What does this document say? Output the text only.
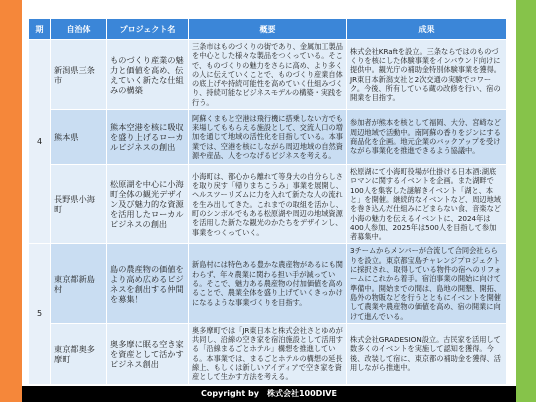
期	自治体	プロジェクト名	概要	成果
4	新潟県三条市	ものづくり産業の魅力と価値を高め、伝えていく新たな仕組みの構築	三条市はものづくりの街であり、金属加工製品を中心とした様々な製品をつくっている。そこで、ものづくりの魅力をさらに高め、より多くの人に伝えていくことで、ものづくり産業自体の底上げや持続可能性を高めていく仕組みづくり、持続可能なビジネスモデルの構築・実践を行う。	株式会社KRaftを設立。三条ならではのものづくりを核にした体験事業をインバウンド向けに提供中。観光庁の補助金特別体験事業を獲得。JR東日本新潟支社と2次交通の実験でコワーク。今後、所有している蔵の改修を行い、宿の開業を目指す。
	熊本県	熊本空港を核に吸収を盛り上げるローカルビジネスの創出	阿蘇くまもと空港は飛行機に搭乗しない方でも来場してももらえる施設として、交流人口の増加を通じて地域の活性化を目指している。本事業では、空港を核にしながら周辺地域の自然資源や産品、人をつなげるビジネスを考える。	参加者が熊本を核として福岡、大分、宮崎など周辺地域で活動中。南阿蘇の香りをジンにする商品化を企画。地元企業のバックアップを受けながら事業化を推進できるよう協議中。
	長野県小海町	松原湖を中心に小海町全体の観光デザイン及び魅力的な資源を活用したローカルビジネスの創出	小海町は、都心から離れて等身大の自分らしさを取り戻す「帰りまちこうみ」事業を展開し、ヘルスツーリズムに力を入れて新たな人の流れを生み出してきた。これまでの取組を活かし、町のシンボルでもある松原湖や周辺の地域資源を活用した新たな観光のかたちをデザインし、事業をつくっていく。	松原湖にて小海町役場が仕掛ける日本酒:湖底ロマンに関するイベントを企画。また湖畔で100人を集客した謎解きイベント「湖と、本と」を開催。継続的なイベントなど、周辺地域を巻き込んだ仕組みにどまらない食、音楽など小海の魅力を伝えるイベントに、2024年は400人参加、2025年は500人を目指して参加者募集中。
5	東京都新島村	島の農産物の価値をより高め広めるビジネスを創出する仲間を募集！	新島村には特色ある豊かな農産物があるにも関わらず、年々農業に関わる担い手が減っている。そこで、魅力ある農産物の付加価値を高めることで、農業全体を盛り上げていくきっかけになるような事業づくりを目指す。	3チームからメンバーが合流して合同会社ららりを設立。東京都宝島チャレンジプロジェクトに採択され、取得している物件の宿へのリフォームにこれから着手。宿泊事業の開始に向けて準備中。開始までの間は、島地の開墾、開拓、島外の物販などを行うとともにイベントを開催して農業や農産物の価値を高め、宿の開業に向けて進んでいる。
	東京都奥多摩町	奥多摩に眠る空き家を資産として活かすビジネス創出	奥多摩町では「JR東日本と株式会社さとゆめが共同し、沿線の空き家を宿泊施設として活用する「沿線まるごとホテル」構想を推進している。本事業では、まるごとホテルの構想の延長線上、もしくは新しいアイディアで空き家を資産として生かす方法を考える。	株式会社GRADESION設立。古民家を活用して数多くのイベントを実施して認知を獲得。今後、改装して宿に、東京都の補助金を獲得、活用しながら推進中。
Copyright by　株式会社100DIVE
